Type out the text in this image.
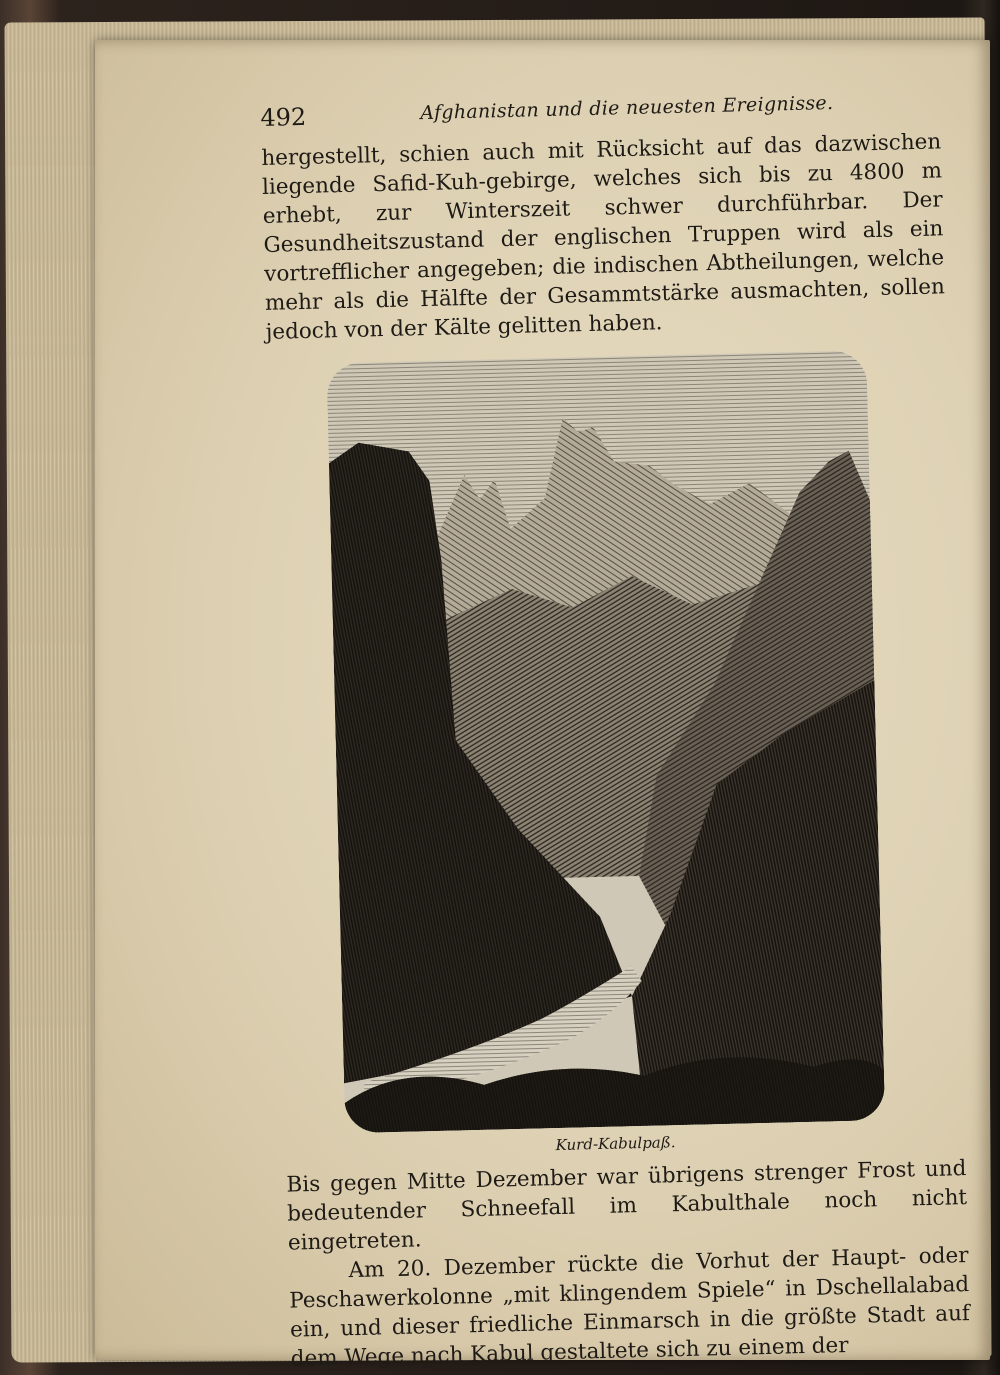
492	Afghanistan und die neuesten Ereignisse.

hergestellt, schien auch mit Rücksicht auf das dazwischen liegende Safid-Kuh-gebirge, welches sich bis zu 4800 m erhebt, zur Winterszeit schwer durchführbar. Der Gesundheitszustand der englischen Truppen wird als ein vortrefflicher angegeben; die indischen Abtheilungen, welche mehr als die Hälfte der Gesammtstärke ausmachten, sollen jedoch von der Kälte gelitten haben.

Kurd-Kabulpaß.

Bis gegen Mitte Dezember war übrigens strenger Frost und bedeutender Schneefall im Kabulthale noch nicht eingetreten.

Am 20. Dezember rückte die Vorhut der Haupt- oder Peschawerkolonne „mit klingendem Spiele“ in Dschellalabad ein, und dieser friedliche Einmarsch in die größte Stadt auf dem Wege nach Kabul gestaltete sich zu einem der
